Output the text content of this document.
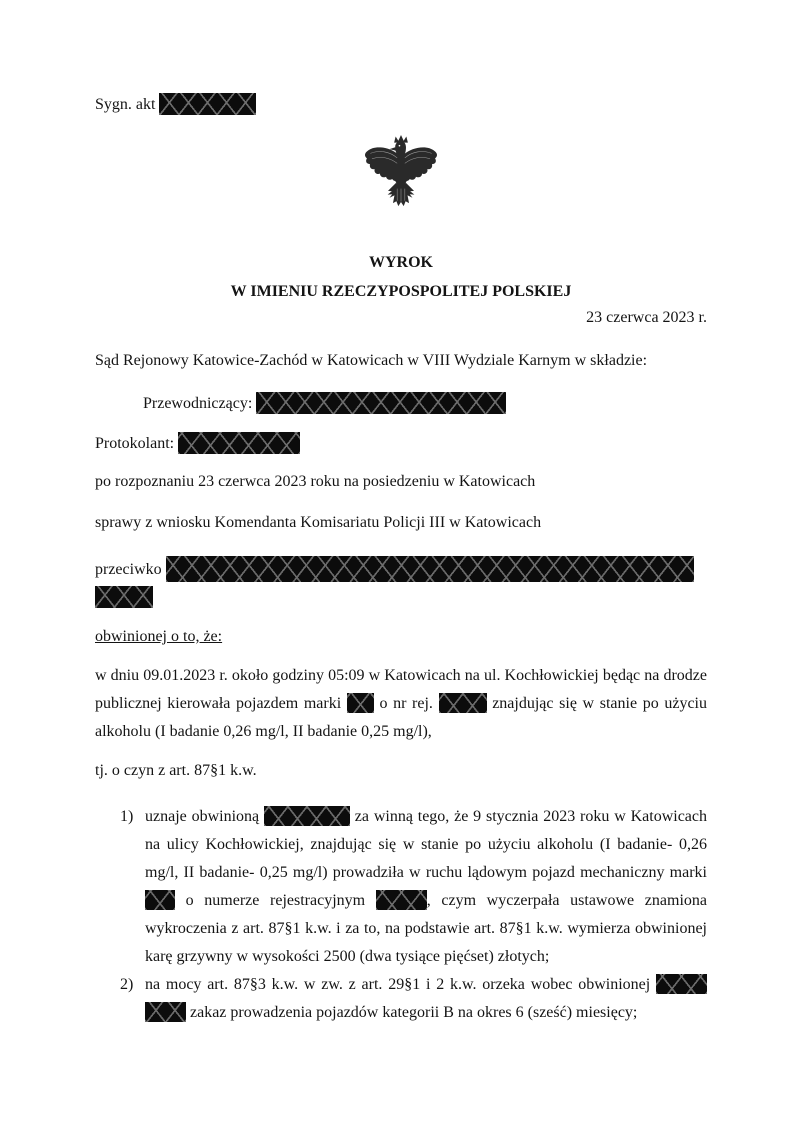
Sygn. akt
WYROK
W IMIENIU RZECZYPOSPOLITEJ POLSKIEJ
23 czerwca 2023 r.
Sąd Rejonowy Katowice-Zachód w Katowicach w VIII Wydziale Karnym w składzie:
Przewodniczący:
Protokolant:
po rozpoznaniu 23 czerwca 2023 roku na posiedzeniu w Katowicach
sprawy z wniosku Komendanta Komisariatu Policji III w Katowicach
przeciwko
obwinionej o to, że:
w dniu 09.01.2023 r. około godziny 05:09 w Katowicach na ul. Kochłowickiej będąc na drodze publicznej kierowała pojazdem marki  o nr rej.	znajdując się w stanie po użyciu alkoholu (I badanie 0,26 mg/l, II badanie 0,25 mg/l),
tj. o czyn z art. 87§1 k.w.
1) uznaje obwinioną	za winną tego, że 9 stycznia 2023 roku w Katowicach na ulicy Kochłowickiej, znajdując się w stanie po użyciu alkoholu (I badanie- 0,26 mg/l, II badanie- 0,25 mg/l) prowadziła w ruchu lądowym pojazd mechaniczny marki  o numerze rejestracyjnym	, czym wyczerpała ustawowe znamiona wykroczenia z art. 87§1 k.w. i za to, na podstawie art. 87§1 k.w. wymierza obwinionej karę grzywny w wysokości 2500 (dwa tysiące pięćset) złotych;
2) na mocy art. 87§3 k.w. w zw. z art. 29§1 i 2 k.w. orzeka wobec obwinionej   zakaz prowadzenia pojazdów kategorii B na okres 6 (sześć) miesięcy;
